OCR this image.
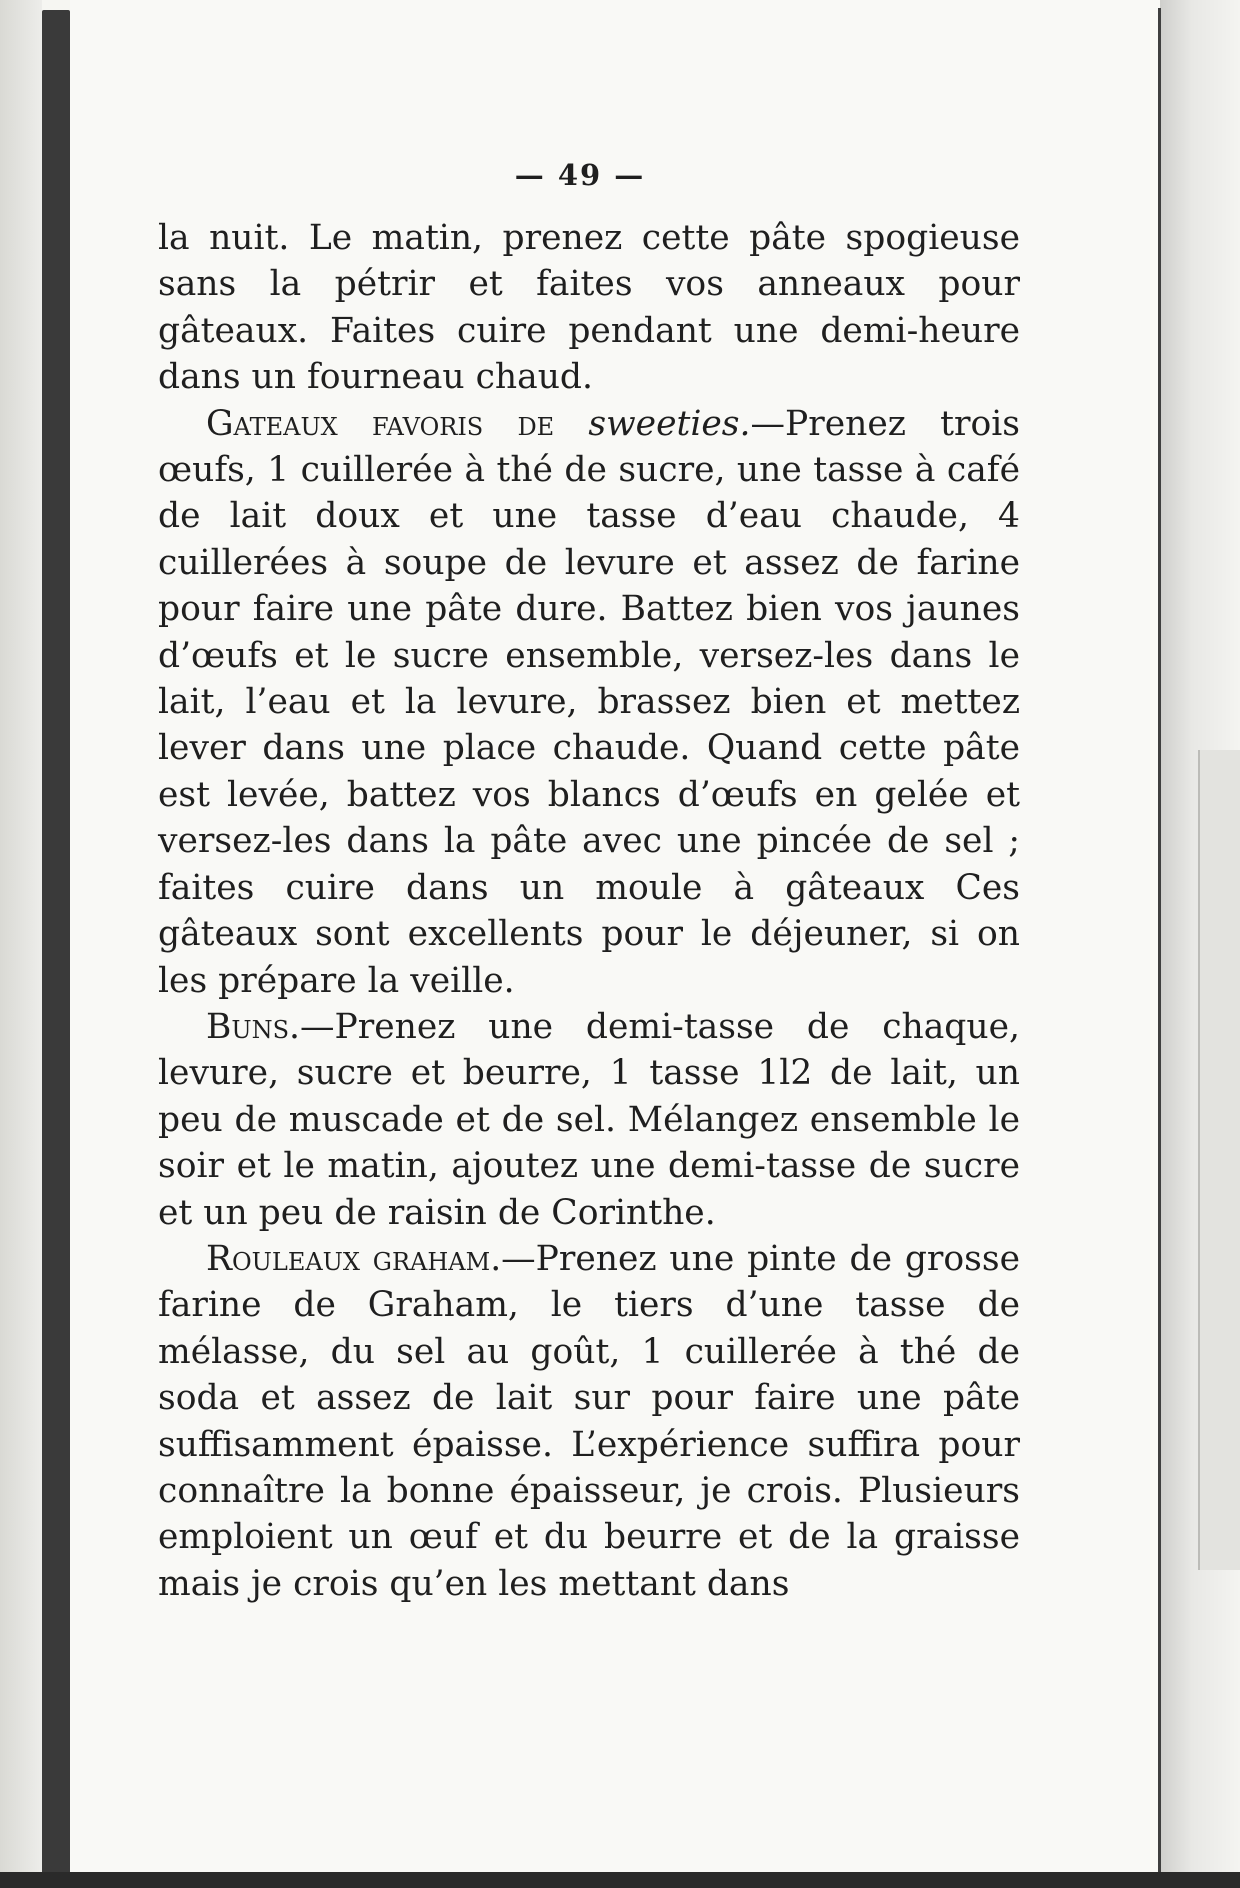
— 49 —

la nuit. Le matin, prenez cette pâte spogieuse sans la pétrir et faites vos anneaux pour gâteaux. Faites cuire pendant une demi-heure dans un fourneau chaud.

Gateaux favoris de sweeties.—Prenez trois œufs, 1 cuillerée à thé de sucre, une tasse à café de lait doux et une tasse d’eau chaude, 4 cuillerées à soupe de levure et assez de farine pour faire une pâte dure. Battez bien vos jaunes d’œufs et le sucre ensemble, versez-les dans le lait, l’eau et la levure, brassez bien et mettez lever dans une place chaude. Quand cette pâte est levée, battez vos blancs d’œufs en gelée et versez-les dans la pâte avec une pincée de sel ; faites cuire dans un moule à gâteaux Ces gâteaux sont excellents pour le déjeuner, si on les prépare la veille.

Buns.—Prenez une demi-tasse de chaque, levure, sucre et beurre, 1 tasse 1l2 de lait, un peu de muscade et de sel. Mélangez ensemble le soir et le matin, ajoutez une demi-tasse de sucre et un peu de raisin de Corinthe.

Rouleaux graham.—Prenez une pinte de grosse farine de Graham, le tiers d’une tasse de mélasse, du sel au goût, 1 cuillerée à thé de soda et assez de lait sur pour faire une pâte suffisamment épaisse. L’expérience suffira pour connaître la bonne épaisseur, je crois. Plusieurs emploient un œuf et du beurre et de la graisse mais je crois qu’en les mettant dans
